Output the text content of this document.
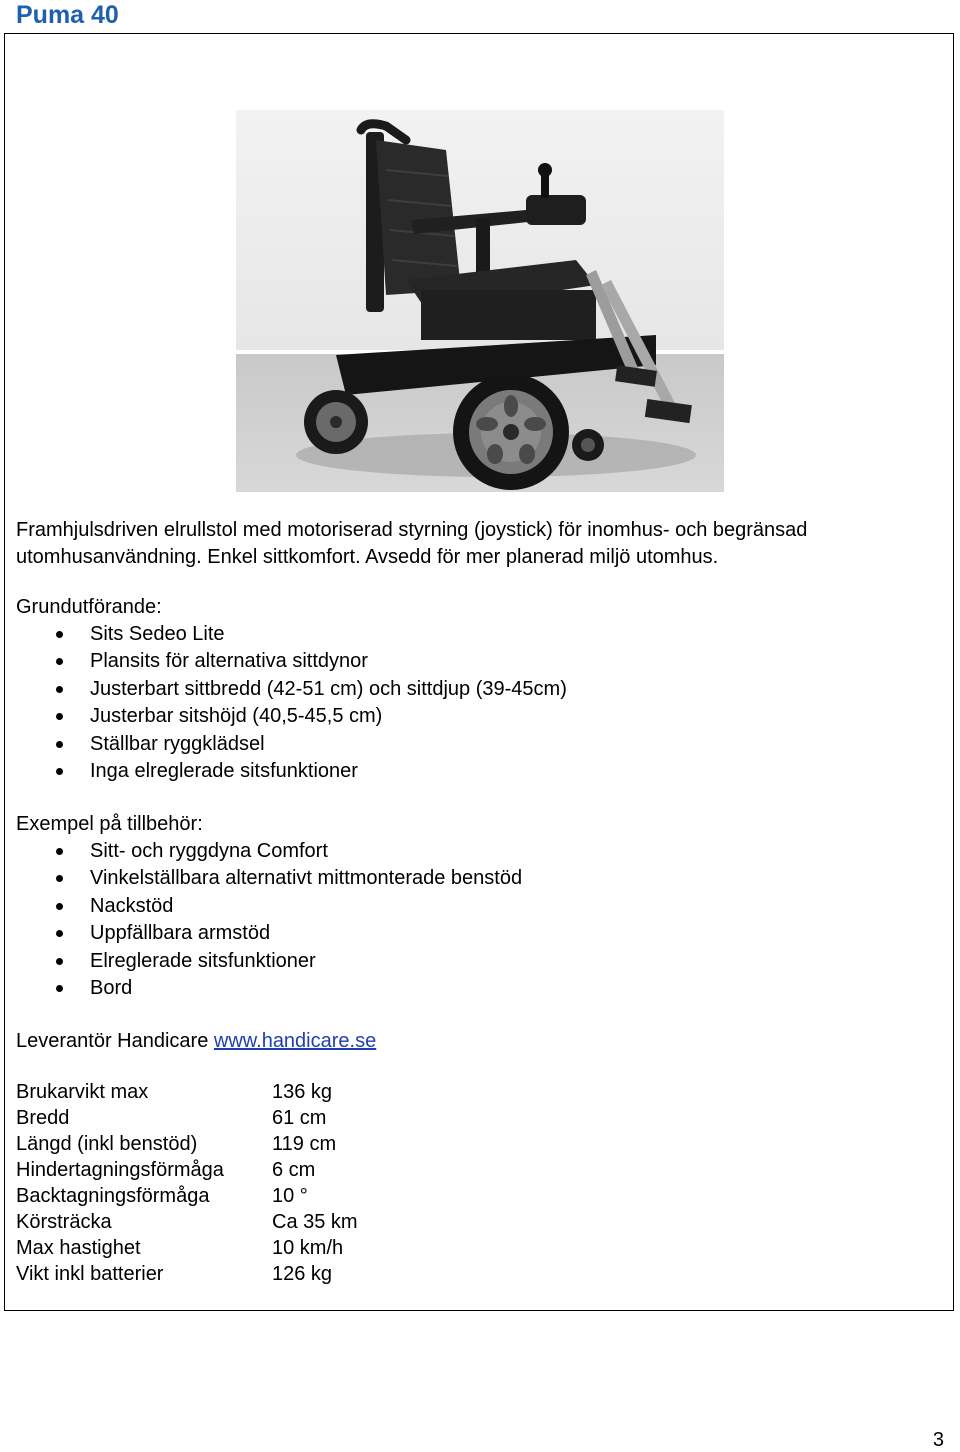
Puma 40
Framhjulsdriven elrullstol med motoriserad styrning (joystick) för inomhus- och begränsad utomhusanvändning. Enkel sittkomfort. Avsedd för mer planerad miljö utomhus.

Grundutförande:

Sits Sedeo Lite
Plansits för alternativa sittdynor
Justerbart sittbredd (42-51 cm) och sittdjup (39-45cm)
Justerbar sitshöjd (40,5-45,5 cm)
Ställbar ryggklädsel
Inga elreglerade sitsfunktioner

Exempel på tillbehör:

Sitt- och ryggdyna Comfort
Vinkelställbara alternativt mittmonterade benstöd
Nackstöd
Uppfällbara armstöd
Elreglerade sitsfunktioner
Bord
Leverantör Handicare www.handicare.se
Brukarvikt max	136 kg
Bredd	61 cm
Längd (inkl benstöd)	119 cm
Hindertagningsförmåga	6 cm
Backtagningsförmåga	10 °
Körsträcka	Ca 35 km
Max hastighet	10 km/h
Vikt inkl batterier	126 kg
3
